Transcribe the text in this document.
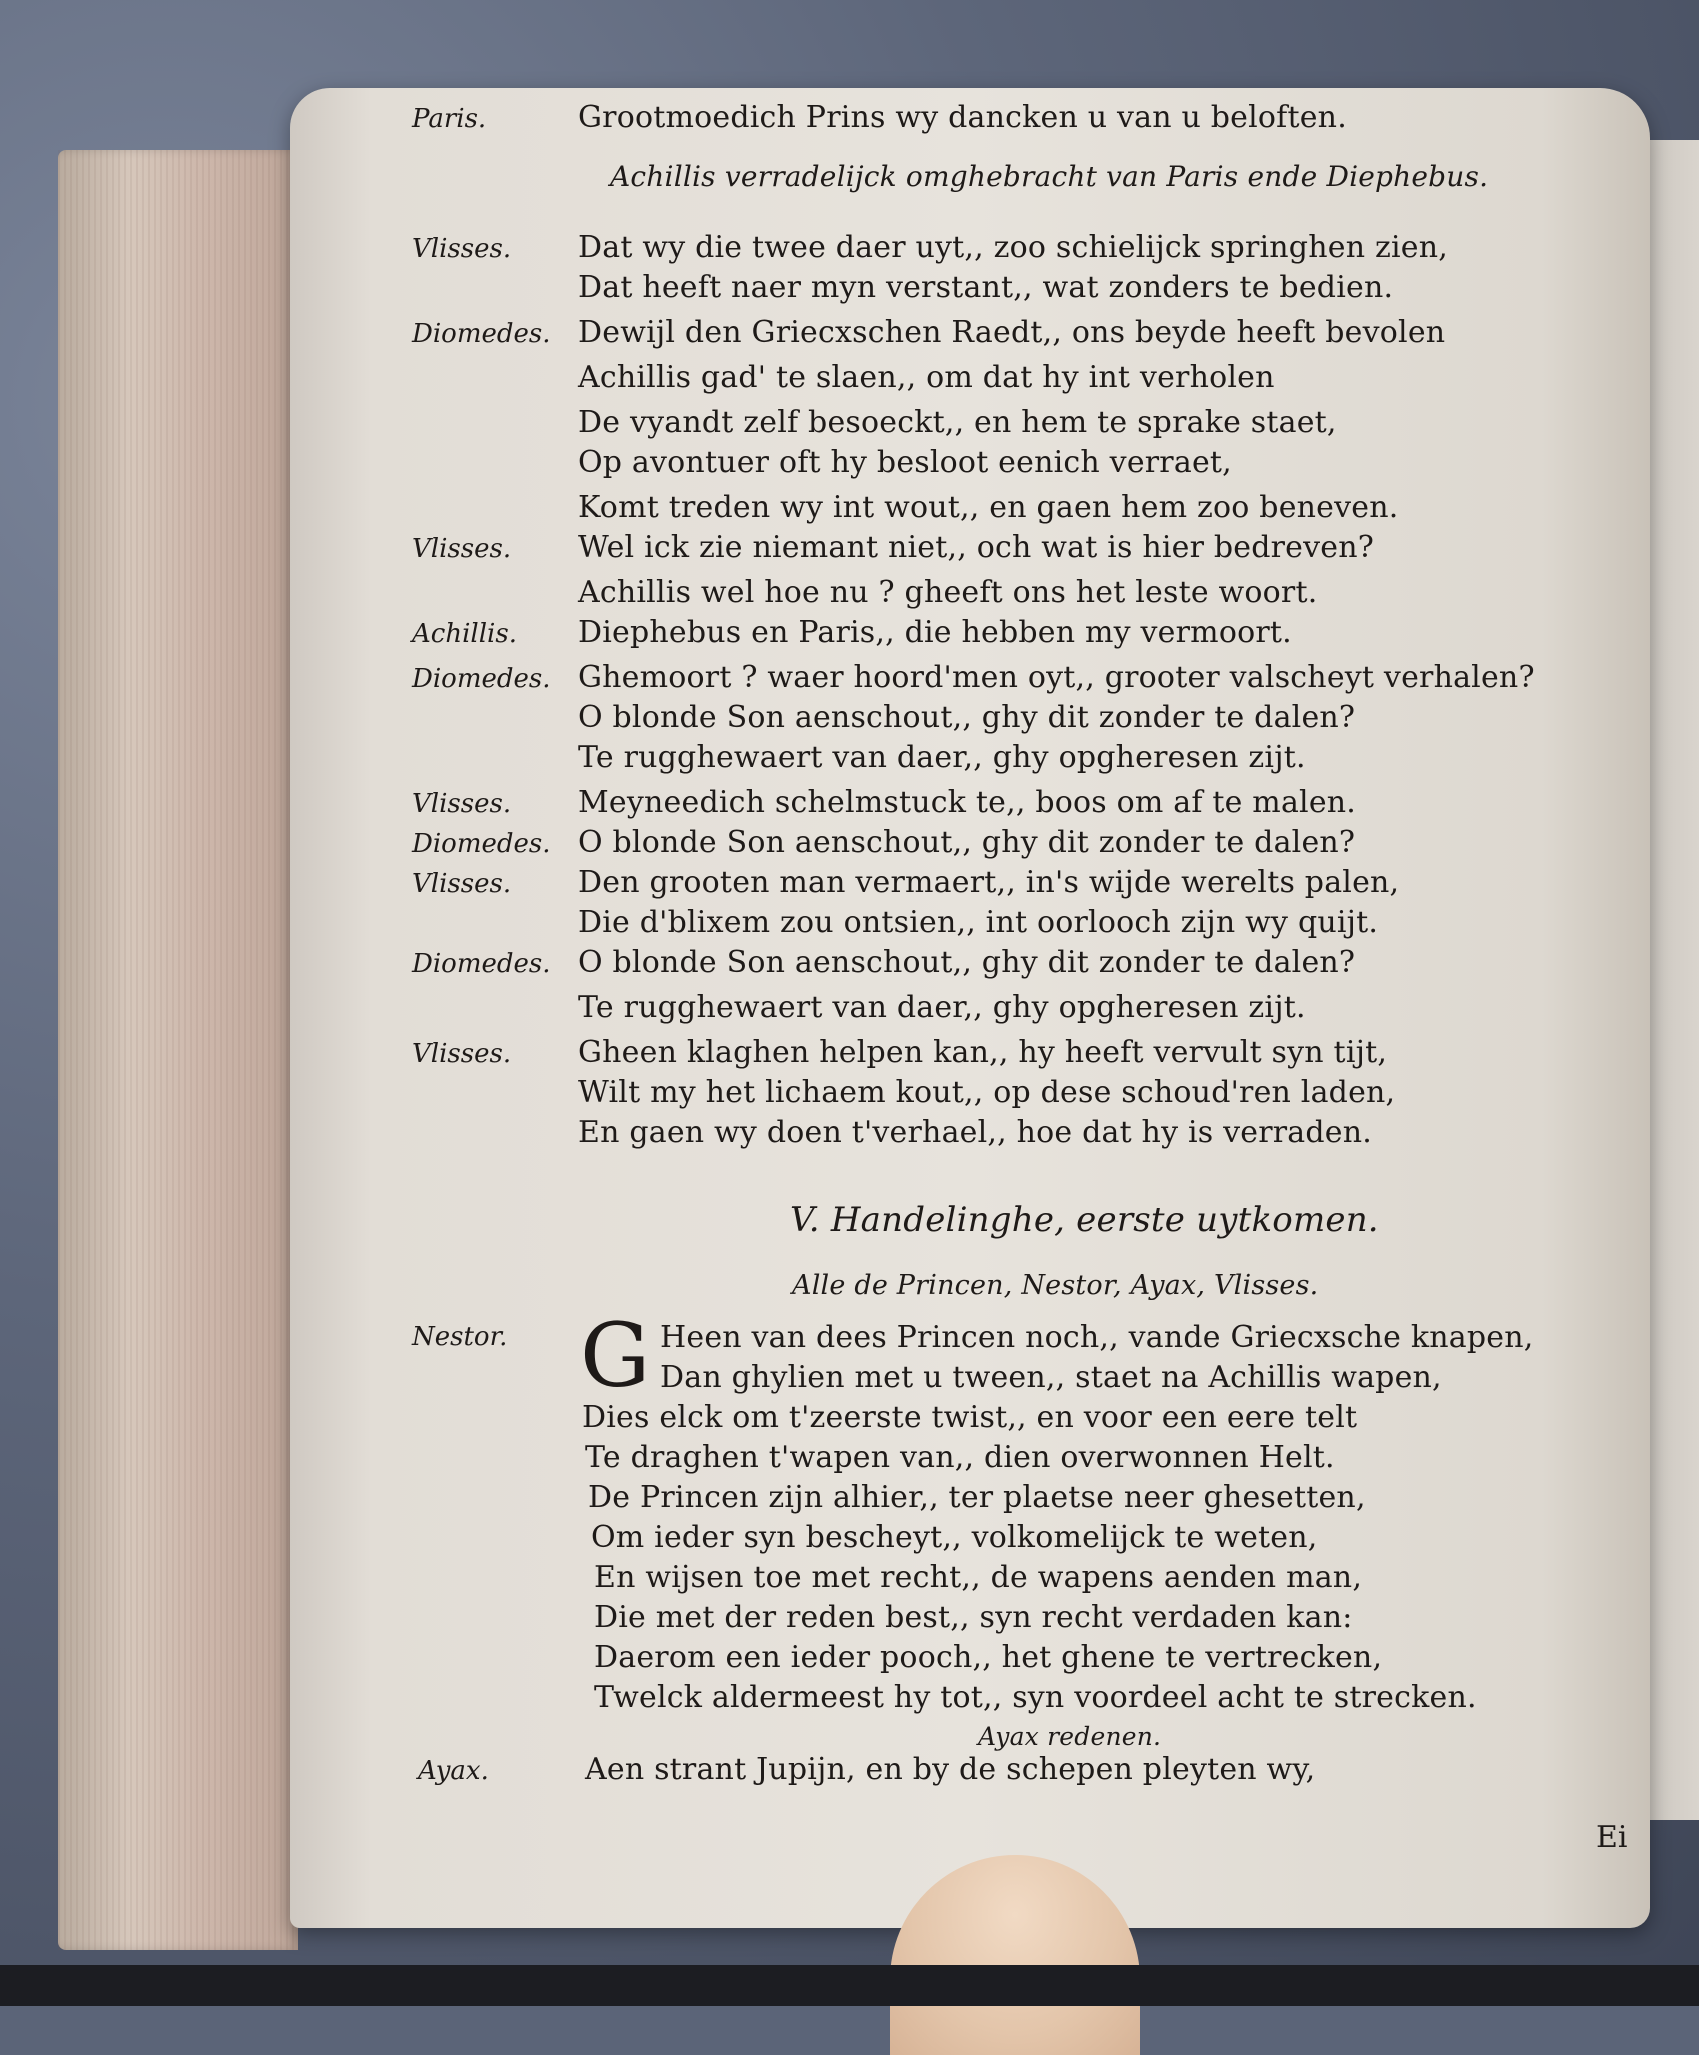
Paris.	Grootmoedich Prins wy dancken u van u beloften.
Achillis verradelijck omghebracht van Paris ende Diephebus.
Vlisses. Dat wy die twee daer uyt,, zoo schielijck springhen zien,
Dat heeft naer myn verstant,, wat zonders te bedien.
Diomedes. Dewijl den Griecxschen Raedt,, ons beyde heeft bevolen
Achillis gad' te slaen,, om dat hy int verholen
De vyandt zelf besoeckt,, en hem te sprake staet,
Op avontuer oft hy besloot eenich verraet,
Komt treden wy int wout,, en gaen hem zoo beneven.
Vlisses. Wel ick zie niemant niet,, och wat is hier bedreven?
Achillis wel hoe nu ? gheeft ons het leste woort.
Achillis. Diephebus en Paris,, die hebben my vermoort.
Diomedes. Ghemoort ? waer hoord'men oyt,, grooter valscheyt verhalen?
O blonde Son aenschout,, ghy dit zonder te dalen?
Te rugghewaert van daer,, ghy opgheresen zijt.
Vlisses. Meyneedich schelmstuck te,, boos om af te malen.
Diomedes. O blonde Son aenschout,, ghy dit zonder te dalen?
Vlisses. Den grooten man vermaert,, in's wijde werelts palen,
Die d'blixem zou ontsien,, int oorlooch zijn wy quijt.
Diomedes. O blonde Son aenschout,, ghy dit zonder te dalen?
Te rugghewaert van daer,, ghy opgheresen zijt.
Vlisses. Gheen klaghen helpen kan,, hy heeft vervult syn tijt,
Wilt my het lichaem kout,, op dese schoud'ren laden,
En gaen wy doen t'verhael,, hoe dat hy is verraden.
V. Handelinghe, eerste uytkomen.
Alle de Princen, Nestor, Ayax, Vlisses.
Nestor.	Heen van dees Princen noch,, vande Griecxsche knapen,
Dan ghylien met u tween,, staet na Achillis wapen,
Dies elck om t'zeerste twist,, en voor een eere telt
Te draghen t'wapen van,, dien overwonnen Helt.
De Princen zijn alhier,, ter plaetse neer ghesetten,
Om ieder syn bescheyt,, volkomelijck te weten,
En wijsen toe met recht,, de wapens aenden man,
Die met der reden best,, syn recht verdaden kan:
Daerom een ieder pooch,, het ghene te vertrecken,
Twelck aldermeest hy tot,, syn voordeel acht te strecken.
Ayax redenen.
Ayax.	Aen strant Jupijn, en by de schepen pleyten wy,
G
Ei
